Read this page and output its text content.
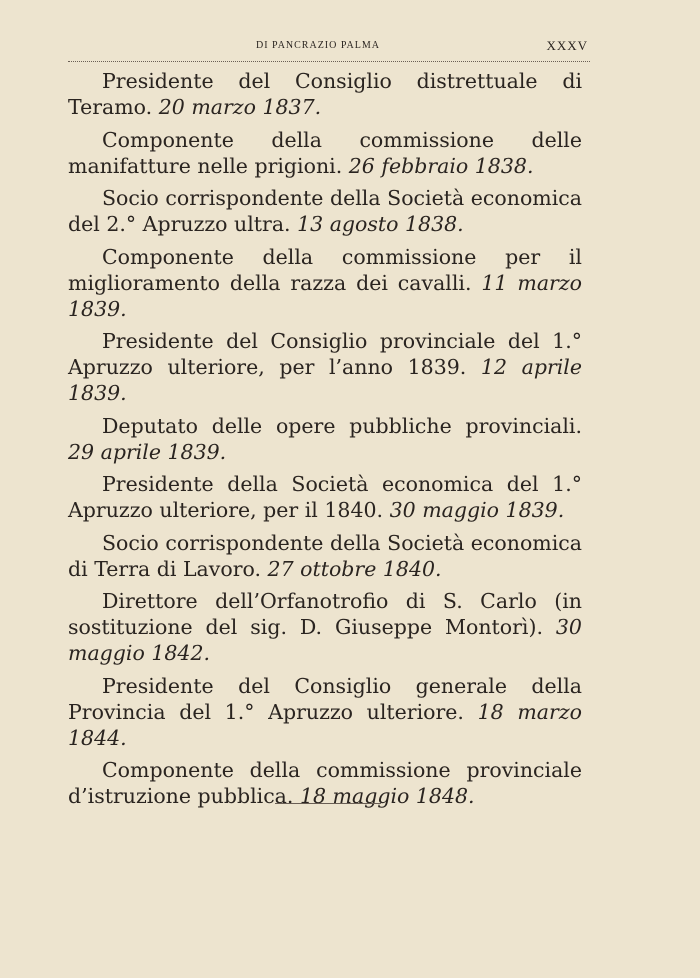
DI PANCRAZIO PALMA	XXXV

Presidente del Consiglio distrettuale di Teramo. 20 marzo 1837.

Componente della commissione delle manifatture nelle prigioni. 26 febbraio 1838.

Socio corrispondente della Società economica del 2.° Apruzzo ultra. 13 agosto 1838.

Componente della commissione per il miglioramento della razza dei cavalli. 11 marzo 1839.

Presidente del Consiglio provinciale del 1.° Apruzzo ulteriore, per l’anno 1839. 12 aprile 1839.

Deputato delle opere pubbliche provinciali. 29 aprile 1839.

Presidente della Società economica del 1.° Apruzzo ulteriore, per il 1840. 30 maggio 1839.

Socio corrispondente della Società economica di Terra di Lavoro. 27 ottobre 1840.

Direttore dell’Orfanotrofio di S. Carlo (in sostituzione del sig. D. Giuseppe Montorì). 30 maggio 1842.

Presidente del Consiglio generale della Provincia del 1.° Apruzzo ulteriore. 18 marzo 1844.

Componente della commissione provinciale d’istruzione pubblica. 18 maggio 1848.
